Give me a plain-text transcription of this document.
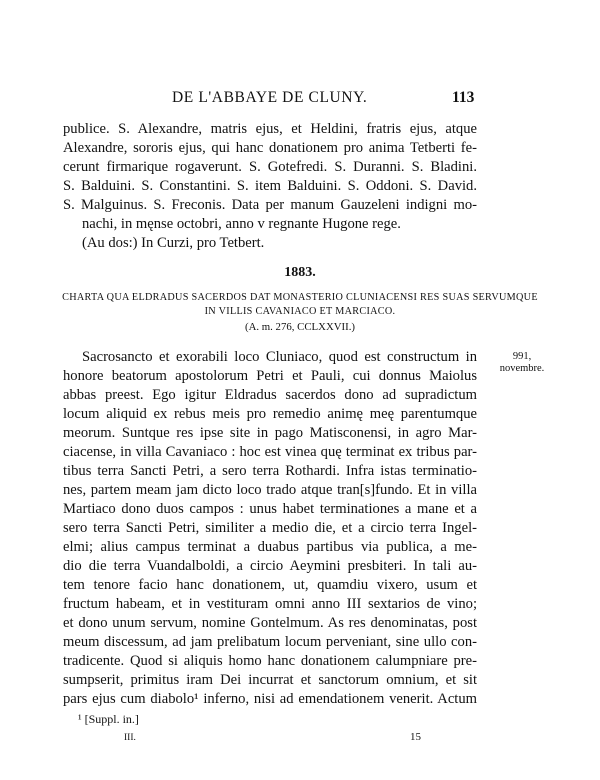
DE L'ABBAYE DE CLUNY.	113
publice. S. Alexandre, matris ejus, et Heldini, fratris ejus, atque
Alexandre, sororis ejus, qui hanc donationem pro anima Tetberti fe-
cerunt firmarique rogaverunt. S. Gotefredi. S. Duranni. S. Bladini.
S. Balduini. S. Constantini. S. item Balduini. S. Oddoni. S. David.
S. Malguinus. S. Freconis. Data per manum Gauzeleni indigni mo-
nachi, in męnse octobri, anno v regnante Hugone rege.
(Au dos:) In Curzi, pro Tetbert.
1883.
CHARTA QUA ELDRADUS SACERDOS DAT MONASTERIO CLUNIACENSI RES SUAS SERVUMQUE
IN VILLIS CAVANIACO ET MARCIACO.
(A. m. 276, CCLXXVII.)
991,
novembre.
Sacrosancto et exorabili loco Cluniaco, quod est constructum in
honore beatorum apostolorum Petri et Pauli, cui donnus Maiolus
abbas preest. Ego igitur Eldradus sacerdos dono ad supradictum
locum aliquid ex rebus meis pro remedio animę meę parentumque
meorum. Suntque res ipse site in pago Matisconensi, in agro Mar-
ciacense, in villa Cavaniaco : hoc est vinea quę terminat ex tribus par-
tibus terra Sancti Petri, a sero terra Rothardi. Infra istas terminatio-
nes, partem meam jam dicto loco trado atque tran[s]fundo. Et in villa
Martiaco dono duos campos : unus habet terminationes a mane et a
sero terra Sancti Petri, similiter a medio die, et a circio terra Ingel-
elmi; alius campus terminat a duabus partibus via publica, a me-
dio die terra Vuandalboldi, a circio Aeymini presbiteri. In tali au-
tem tenore facio hanc donationem, ut, quamdiu vixero, usum et
fructum habeam, et in vestituram omni anno III sextarios de vino;
et dono unum servum, nomine Gontelmum. As res denominatas, post
meum discessum, ad jam prelibatum locum perveniant, sine ullo con-
tradicente. Quod si aliquis homo hanc donationem calumpniare pre-
sumpserit, primitus iram Dei incurrat et sanctorum omnium, et sit
pars ejus cum diabolo¹ inferno, nisi ad emendationem venerit. Actum
¹ [Suppl. in.]
III.	15
